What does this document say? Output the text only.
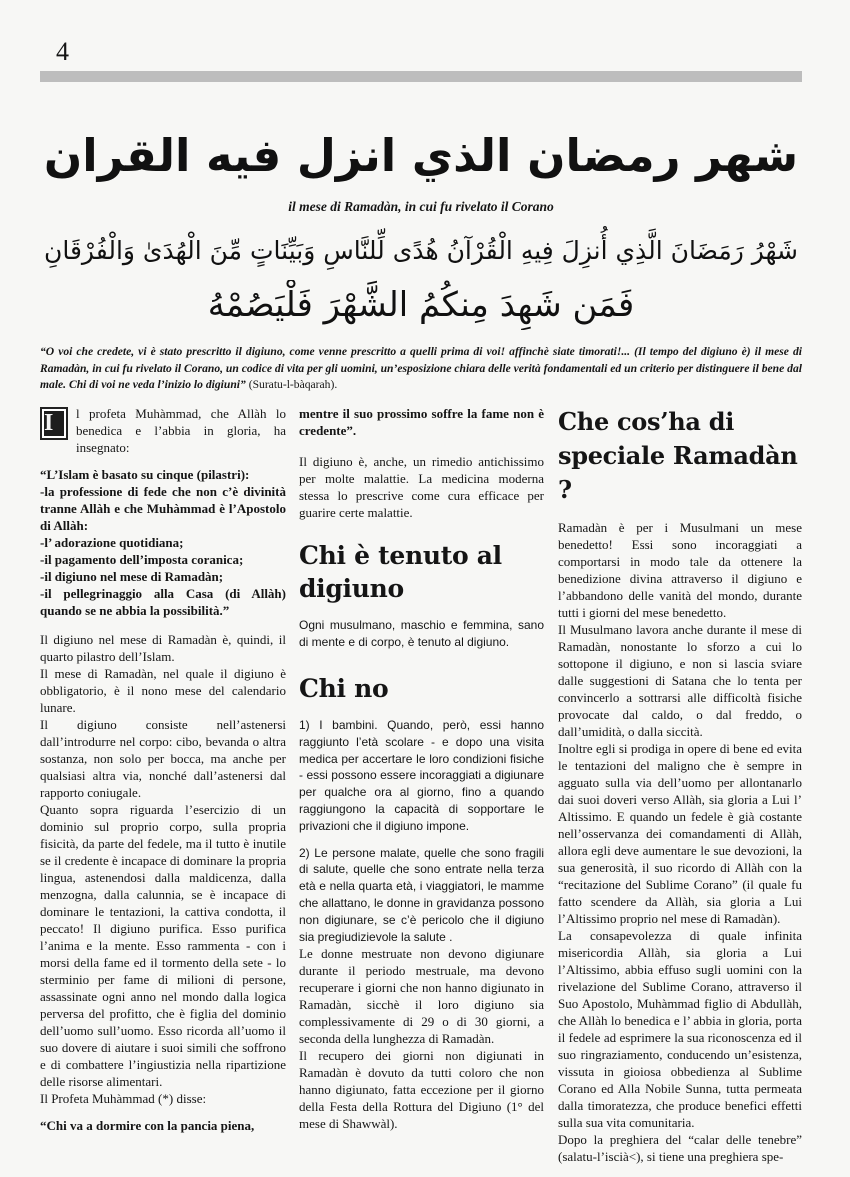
4
شهر رمضان الذي انزل فيه القران
il mese di Ramadàn, in cui fu rivelato il Corano
شَهْرُ رَمَضَانَ الَّذِي أُنزِلَ فِيهِ الْقُرْآنُ هُدًى لِّلنَّاسِ وَبَيِّنَاتٍ مِّنَ الْهُدَىٰ وَالْفُرْقَانِ
فَمَن شَهِدَ مِنكُمُ الشَّهْرَ فَلْيَصُمْهُ
“O voi che credete, vi è stato prescritto il digiuno, come venne prescritto a quelli prima di voi! affinchè siate timorati!... (Il tempo del digiuno è) il mese di Ramadàn, in cui fu rivelato il Corano, un codice di vita per gli uomini, un’esposizione chiara delle verità fondamentali ed un criterio per distinguere il bene dal male. Chi di voi ne veda l’inizio lo digiuni” (Suratu-l-bàqarah).

I	l profeta Muhàmmad, che Allàh lo benedica e l’abbia in gloria, ha insegnato:

“L’Islam è basato su cinque (pilastri):
-la professione di fede che non c’è divinità tranne Allàh e che Muhàmmad è l’Apostolo di Allàh:
-l’ adorazione quotidiana;
-il pagamento dell’imposta coranica;
-il digiuno nel mese di Ramadàn;
-il pellegrinaggio alla Casa (di Allàh) quando se ne abbia la possibilità.”

Il digiuno nel mese di Ramadàn è, quindi, il quarto pilastro dell’Islam.

Il mese di Ramadàn, nel quale il digiuno è obbligatorio, è il nono mese del calendario lunare.

Il digiuno consiste nell’astenersi dall’introdurre nel corpo: cibo, bevanda o altra sostanza, non solo per bocca, ma anche per qualsiasi altra via, nonché dall’astenersi dal rapporto coniugale.

Quanto sopra riguarda l’esercizio di un dominio sul proprio corpo, sulla propria fisicità, da parte del fedele, ma il tutto è inutile se il credente è incapace di dominare la propria lingua, astenendosi dalla maldicenza, dalla menzogna, dalla calunnia, se è incapace di dominare le tentazioni, la cattiva condotta, il peccato! Il digiuno purifica. Esso purifica l’anima e la mente. Esso rammenta - con i morsi della fame ed il tormento della sete - lo sterminio per fame di milioni di persone, assassinate ogni anno nel mondo dalla logica perversa del profitto, che è figlia del dominio dell’uomo sull’uomo. Esso ricorda all’uomo il suo dovere di aiutare i suoi simili che soffrono e di combattere l’ingiustizia nella ripartizione delle risorse alimentari.

Il Profeta Muhàmmad (*) disse:

“Chi va a dormire con la pancia piena,

mentre il suo prossimo soffre la fame non è credente”.

Il digiuno è, anche, un rimedio antichissimo per molte malattie. La medicina moderna stessa lo prescrive come cura efficace per guarire certe malattie.

Chi è tenuto al digiuno

Ogni musulmano, maschio e femmina, sano di mente e di corpo, è tenuto al digiuno.

Chi no

1) I bambini. Quando, però, essi hanno raggiunto l’età scolare - e dopo una visita medica per accertare le loro condizioni fisiche - essi possono essere incoraggiati a digiunare per qualche ora al giorno, fino a quando raggiungono la capacità di sopportare le privazioni che il digiuno impone.

2) Le persone malate, quelle che sono fragili di salute, quelle che sono entrate nella terza età e nella quarta età, i viaggiatori, le mamme che allattano, le donne in gravidanza possono non digiunare, se c’è pericolo che il digiuno sia pregiudizievole la salute .

Le donne mestruate non devono digiunare durante il periodo mestruale, ma devono recuperare i giorni che non hanno digiunato in Ramadàn, sicchè il loro digiuno sia complessivamente di 29 o di 30 giorni, a seconda della lunghezza di Ramadàn.

Il recupero dei giorni non digiunati in Ramadàn è dovuto da tutti coloro che non hanno digiunato, fatta eccezione per il giorno della Festa della Rottura del Digiuno (1° del mese di Shawwàl).

Che cos’ha di speciale Ramadàn ?

Ramadàn è per i Musulmani un mese benedetto! Essi sono incoraggiati a comportarsi in modo tale da ottenere la benedizione divina attraverso il digiuno e l’abbandono delle vanità del mondo, durante tutti i giorni del mese benedetto.

Il Musulmano lavora anche durante il mese di Ramadàn, nonostante lo sforzo a cui lo sottopone il digiuno, e non si lascia sviare dalle suggestioni di Satana che lo tenta per convincerlo a sottrarsi alle difficoltà fisiche provocate dal caldo, o dal freddo, o dall’umidità, o dalla siccità.

Inoltre egli si prodiga in opere di bene ed evita le tentazioni del maligno che è sempre in agguato sulla via dell’uomo per allontanarlo dai suoi doveri verso Allàh, sia gloria a Lui l’ Altissimo. E quando un fedele è già costante nell’osservanza dei comandamenti di Allàh, allora egli deve aumentare le sue devozioni, la sua generosità, il suo ricordo di Allàh con la “recitazione del Sublime Corano” (il quale fu fatto scendere da Allàh, sia gloria a Lui l’Altissimo proprio nel mese di Ramadàn).

La consapevolezza di quale infinita misericordia Allàh, sia gloria a Lui l’Altissimo, abbia effuso sugli uomini con la rivelazione del Sublime Corano, attraverso il Suo Apostolo, Muhàmmad figlio di Abdullàh, che Allàh lo benedica e l’ abbia in gloria, porta il fedele ad esprimere la sua riconoscenza ed il suo ringraziamento, conducendo un’esistenza, vissuta in gioiosa obbedienza al Sublime Corano ed Alla Nobile Sunna, tutta permeata dalla timoratezza, che produce benefici effetti sulla sua vita comunitaria.

Dopo la preghiera del “calar delle tenebre” (salatu-l’iscià<), si tiene una preghiera spe-
